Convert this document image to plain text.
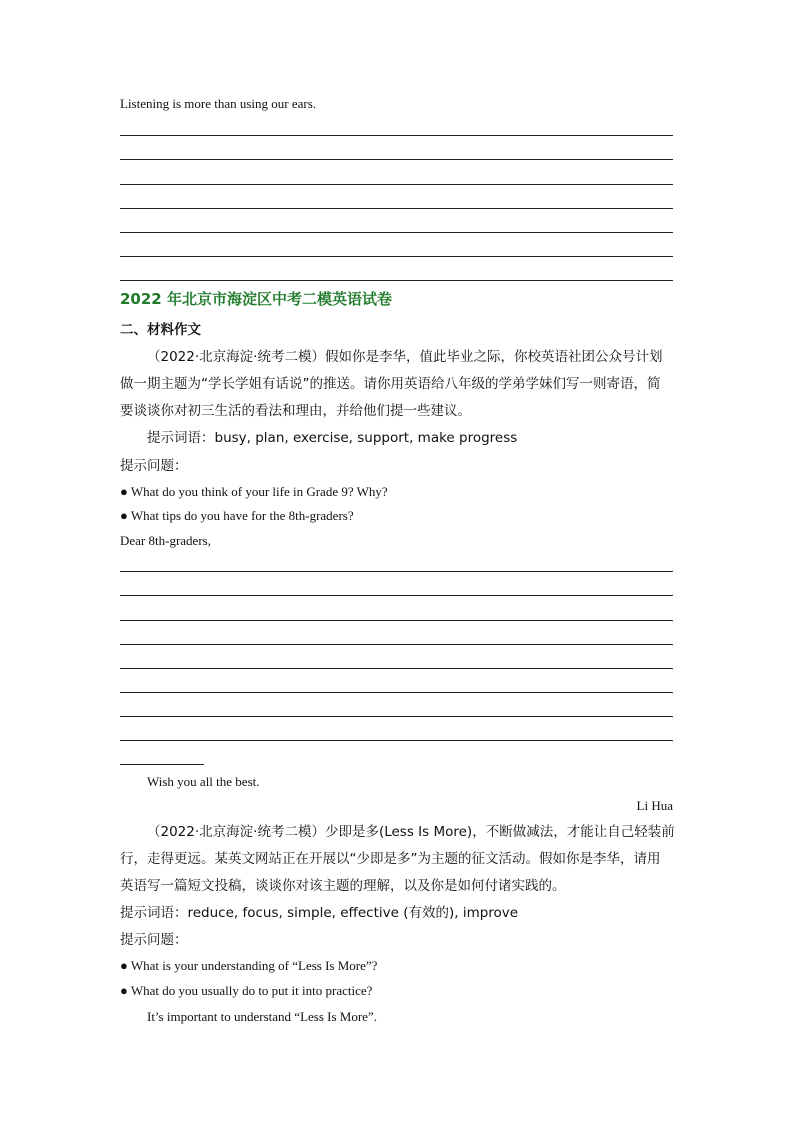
Listening is more than using our ears.
2022 年北京市海淀区中考二模英语试卷
二、材料作文
（2022·北京海淀·统考二模）假如你是李华，值此毕业之际，你校英语社团公众号计划
做一期主题为“学长学姐有话说”的推送。请你用英语给八年级的学弟学妹们写一则寄语，简
要谈谈你对初三生活的看法和理由，并给他们提一些建议。
提示词语：busy, plan, exercise, support, make progress
提示问题：
● What do you think of your life in Grade 9? Why?
● What tips do you have for the 8th-graders?
Dear 8th-graders,
Wish you all the best.
Li Hua
（2022·北京海淀·统考二模）少即是多(Less Is More)，不断做减法，才能让自己轻装前
行，走得更远。某英文网站正在开展以“少即是多”为主题的征文活动。假如你是李华，请用
英语写一篇短文投稿，谈谈你对该主题的理解，以及你是如何付诸实践的。
提示词语：reduce, focus, simple, effective (有效的), improve
提示问题：
● What is your understanding of “Less Is More”?
● What do you usually do to put it into practice?
It’s important to understand “Less Is More”.
